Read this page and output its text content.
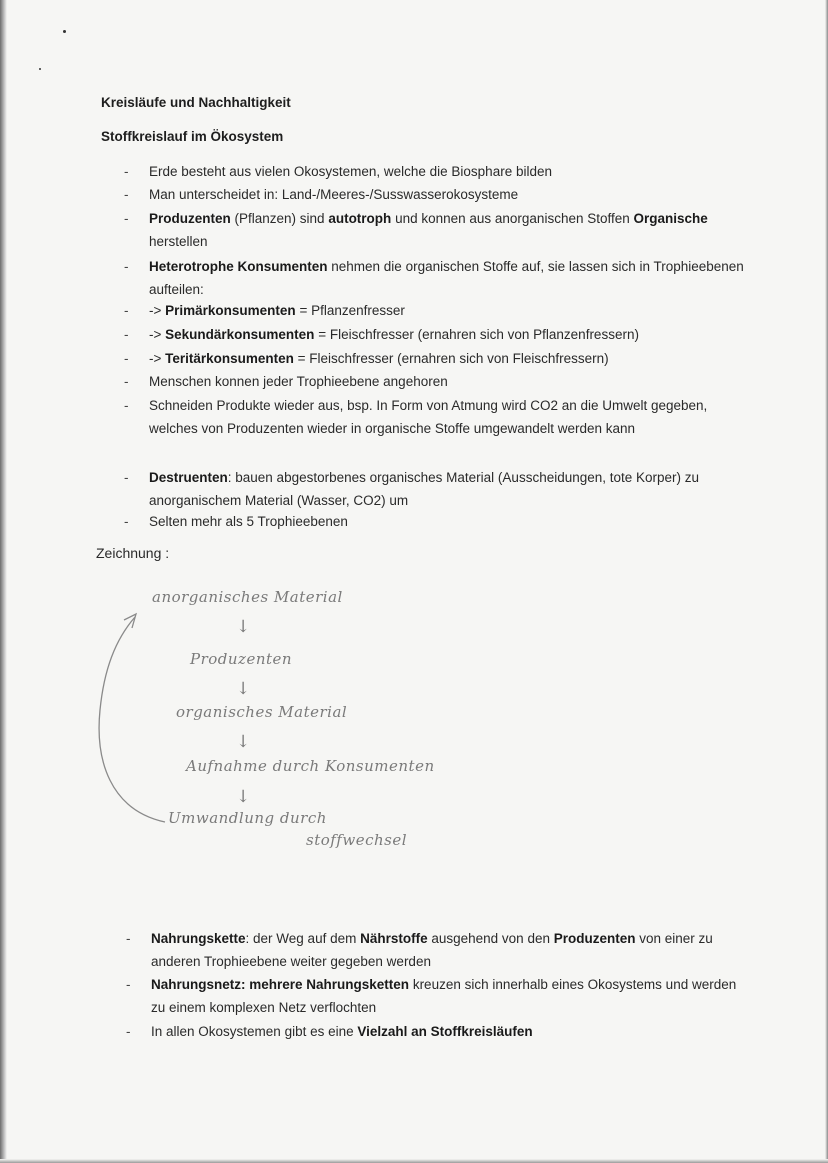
Kreisläufe und Nachhaltigkeit
Stoffkreislauf im Ökosystem
- Erde besteht aus vielen Okosystemen, welche die Biosphare bilden
- Man unterscheidet in: Land-/Meeres-/Susswasserokosysteme
- Produzenten (Pflanzen) sind autotroph und konnen aus anorganischen Stoffen Organische herstellen
- Heterotrophe Konsumenten nehmen die organischen Stoffe auf, sie lassen sich in Trophieebenen aufteilen:
- -> Primärkonsumenten = Pflanzenfresser
- -> Sekundärkonsumenten = Fleischfresser (ernahren sich von Pflanzenfressern)
- -> Teritärkonsumenten = Fleischfresser (ernahren sich von Fleischfressern)
- Menschen konnen jeder Trophieebene angehoren
- Schneiden Produkte wieder aus, bsp. In Form von Atmung wird CO2 an die Umwelt gegeben, welches von Produzenten wieder in organische Stoffe umgewandelt werden kann
- Destruenten: bauen abgestorbenes organisches Material (Ausscheidungen, tote Korper) zu anorganischem Material (Wasser, CO2) um
- Selten mehr als 5 Trophieebenen
Zeichnung :
anorganisches Material
↓
Produzenten
↓
organisches Material
↓
Aufnahme durch Konsumenten
↓
Umwandlung durch
stoffwechsel
- Nahrungskette: der Weg auf dem Nährstoffe ausgehend von den Produzenten von einer zu anderen Trophieebene weiter gegeben werden
- Nahrungsnetz: mehrere Nahrungsketten kreuzen sich innerhalb eines Okosystems und werden zu einem komplexen Netz verflochten
- In allen Okosystemen gibt es eine Vielzahl an Stoffkreisläufen
